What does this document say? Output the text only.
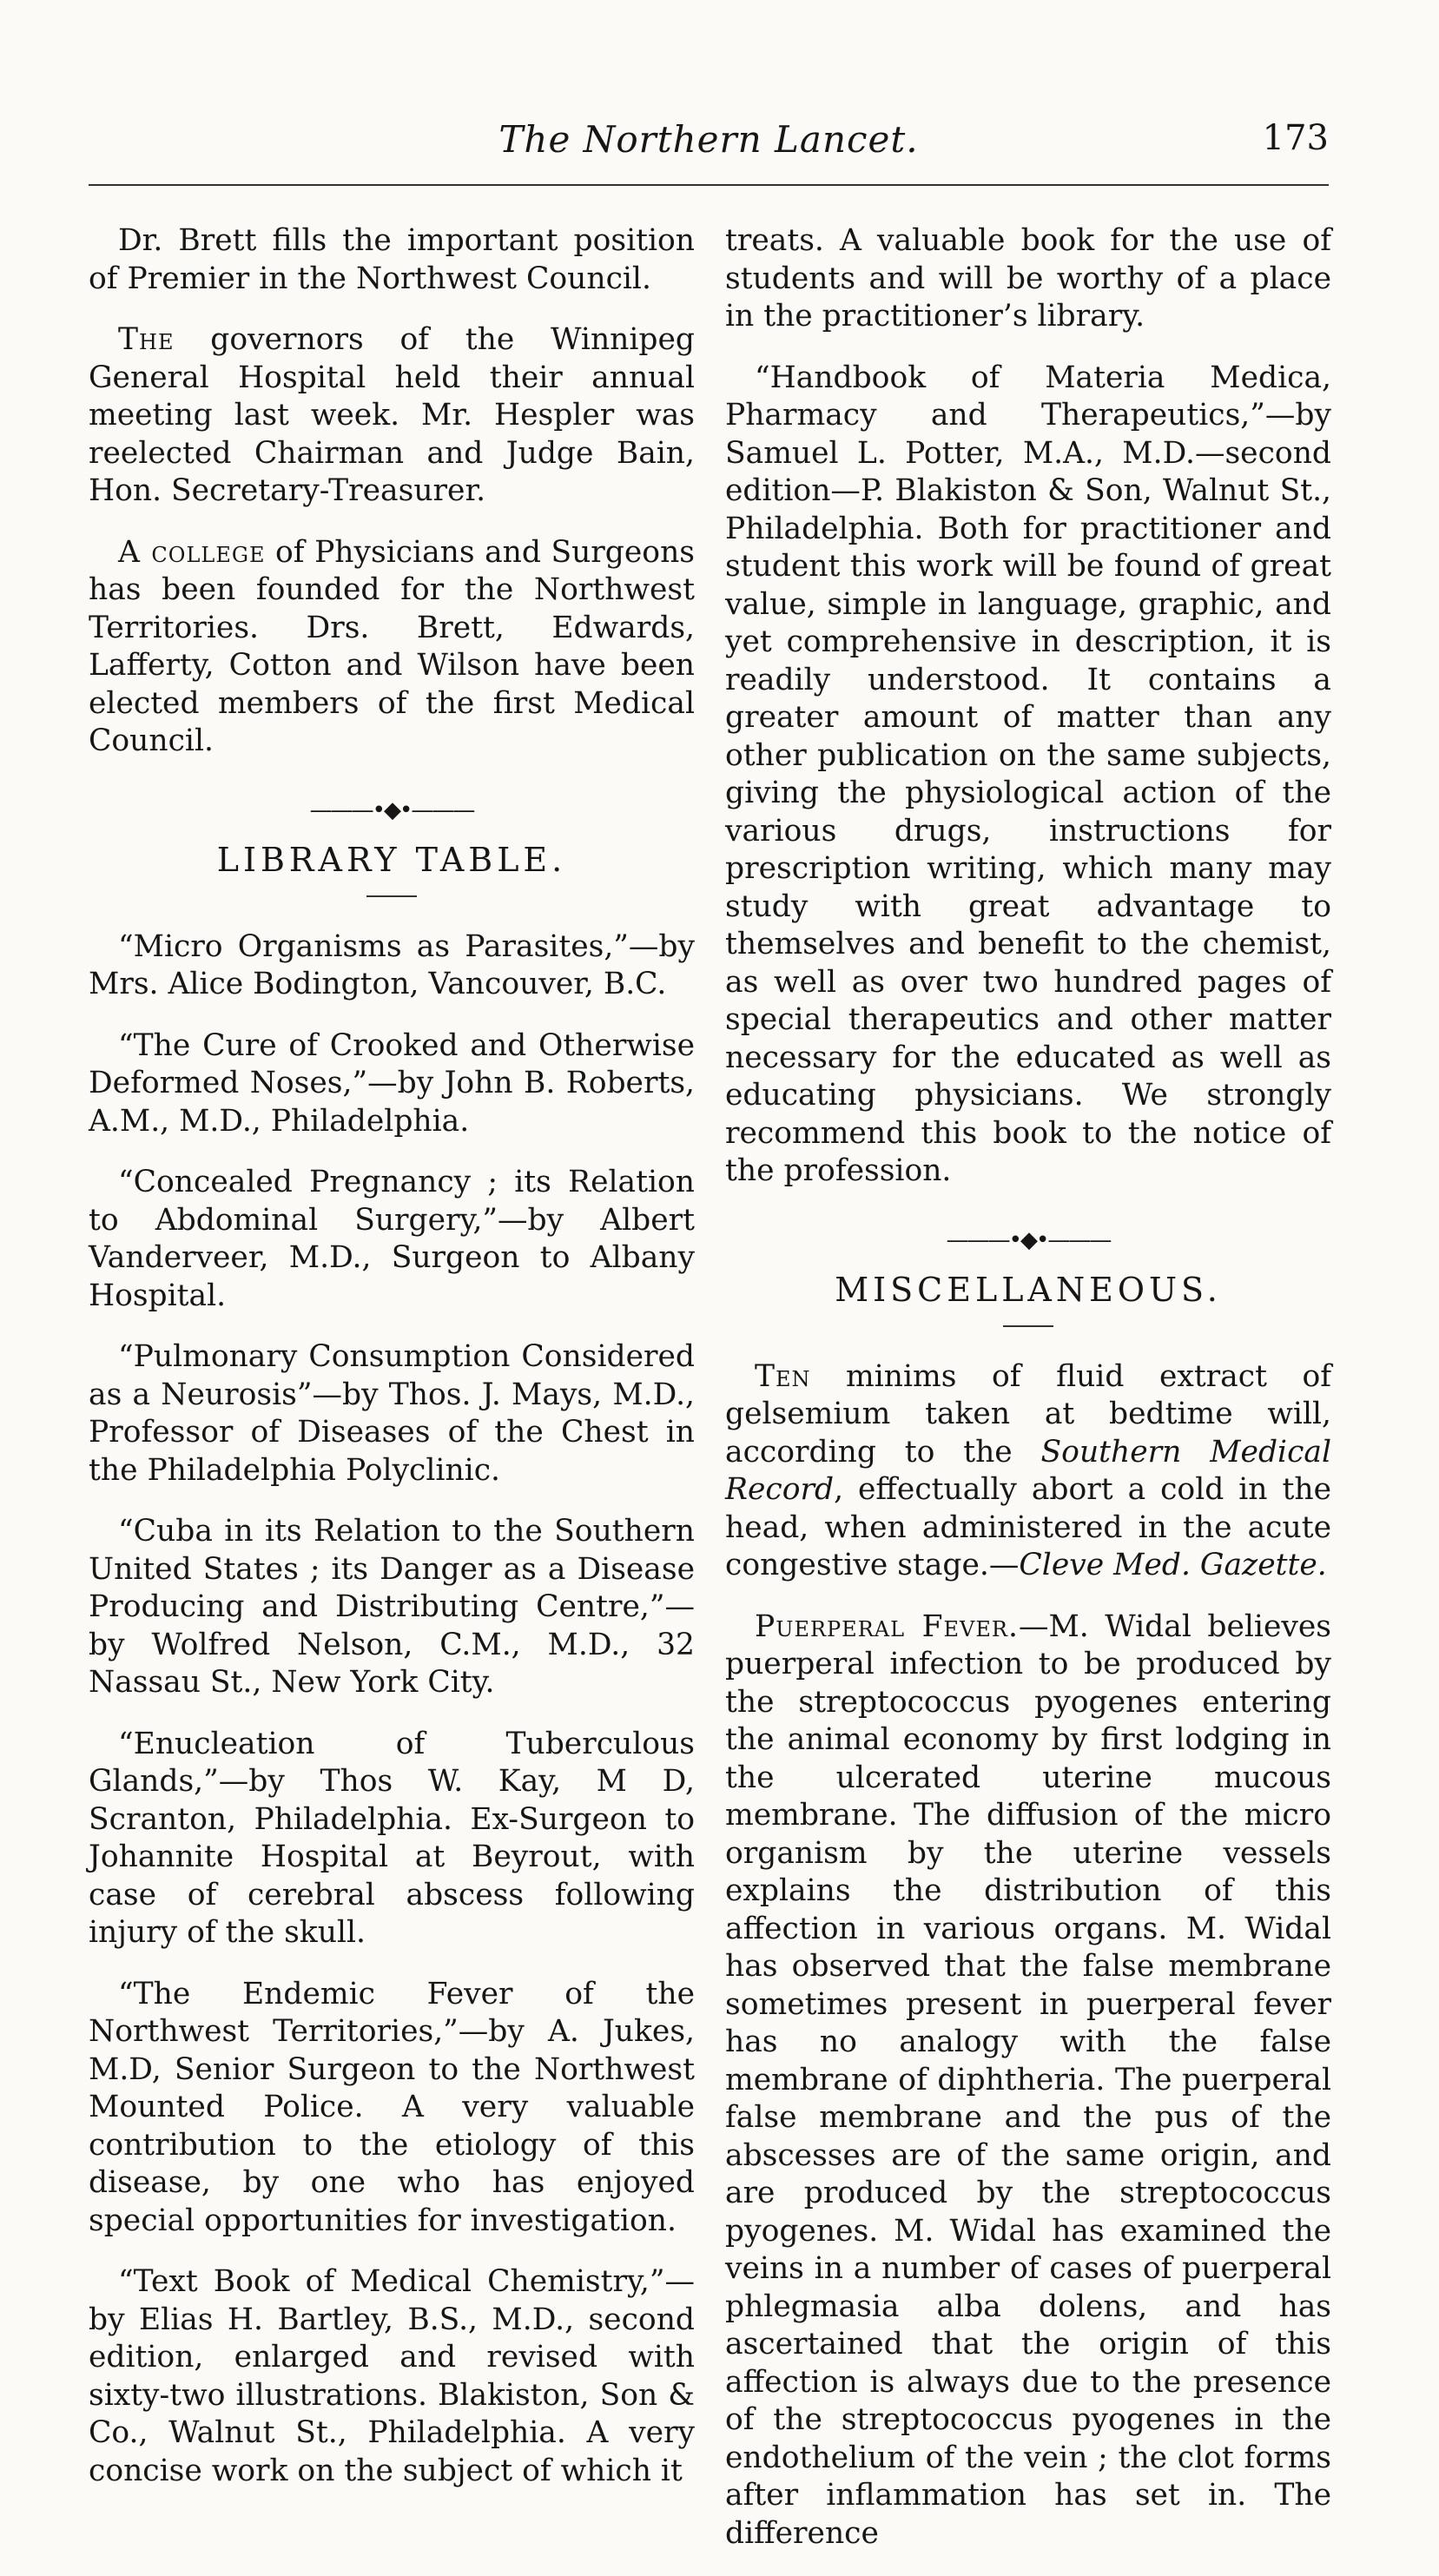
The Northern Lancet.	173

Dr. Brett fills the important position of Premier in the Northwest Council.

The governors of the Winnipeg General Hospital held their annual meeting last week. Mr. Hespler was reelected Chairman and Judge Bain, Hon. Secretary-Treasurer.

A college of Physicians and Surgeons has been founded for the Northwest Territories. Drs. Brett, Edwards, Lafferty, Cotton and Wilson have been elected members of the first Medical Council.

———•◆•———
LIBRARY TABLE.

“Micro Organisms as Parasites,”—by Mrs. Alice Bodington, Vancouver, B.C.

“The Cure of Crooked and Otherwise Deformed Noses,”—by John B. Roberts, A.M., M.D., Philadelphia.

“Concealed Pregnancy ; its Relation to Abdominal Surgery,”—by Albert Vanderveer, M.D., Surgeon to Albany Hospital.

“Pulmonary Consumption Considered as a Neurosis”—by Thos. J. Mays, M.D., Professor of Diseases of the Chest in the Philadelphia Polyclinic.

“Cuba in its Relation to the Southern United States ; its Danger as a Disease Producing and Distributing Centre,”—by Wolfred Nelson, C.M., M.D., 32 Nassau St., New York City.

“Enucleation of Tuberculous Glands,”—by Thos W. Kay, M D, Scranton, Philadelphia. Ex-Surgeon to Johannite Hospital at Beyrout, with case of cerebral abscess following injury of the skull.

“The Endemic Fever of the Northwest Territories,”—by A. Jukes, M.D, Senior Surgeon to the Northwest Mounted Police. A very valuable contribution to the etiology of this disease, by one who has enjoyed special opportunities for investigation.

“Text Book of Medical Chemistry,”—by Elias H. Bartley, B.S., M.D., second edition, enlarged and revised with sixty-two illustrations. Blakiston, Son & Co., Walnut St., Philadelphia. A very concise work on the subject of which it

treats. A valuable book for the use of students and will be worthy of a place in the practitioner’s library.

“Handbook of Materia Medica, Pharmacy and Therapeutics,”—by Samuel L. Potter, M.A., M.D.—second edition—P. Blakiston & Son, Walnut St., Philadelphia. Both for practitioner and student this work will be found of great value, simple in language, graphic, and yet comprehensive in description, it is readily understood. It contains a greater amount of matter than any other publication on the same subjects, giving the physiological action of the various drugs, instructions for prescription writing, which many may study with great advantage to themselves and benefit to the chemist, as well as over two hundred pages of special therapeutics and other matter necessary for the educated as well as educating physicians. We strongly recommend this book to the notice of the profession.

———•◆•———
MISCELLANEOUS.

Ten minims of fluid extract of gelsemium taken at bedtime will, according to the Southern Medical Record, effectually abort a cold in the head, when administered in the acute congestive stage.—Cleve Med. Gazette.

Puerperal Fever.—M. Widal believes puerperal infection to be produced by the streptococcus pyogenes entering the animal economy by first lodging in the ulcerated uterine mucous membrane. The diffusion of the micro organism by the uterine vessels explains the distribution of this affection in various organs. M. Widal has observed that the false membrane sometimes present in puerperal fever has no analogy with the false membrane of diphtheria. The puerperal false membrane and the pus of the abscesses are of the same origin, and are produced by the streptococcus pyogenes. M. Widal has examined the veins in a number of cases of puerperal phlegmasia alba dolens, and has ascertained that the origin of this affection is always due to the presence of the streptococcus pyogenes in the endothelium of the vein ; the clot forms after inflammation has set in. The difference
